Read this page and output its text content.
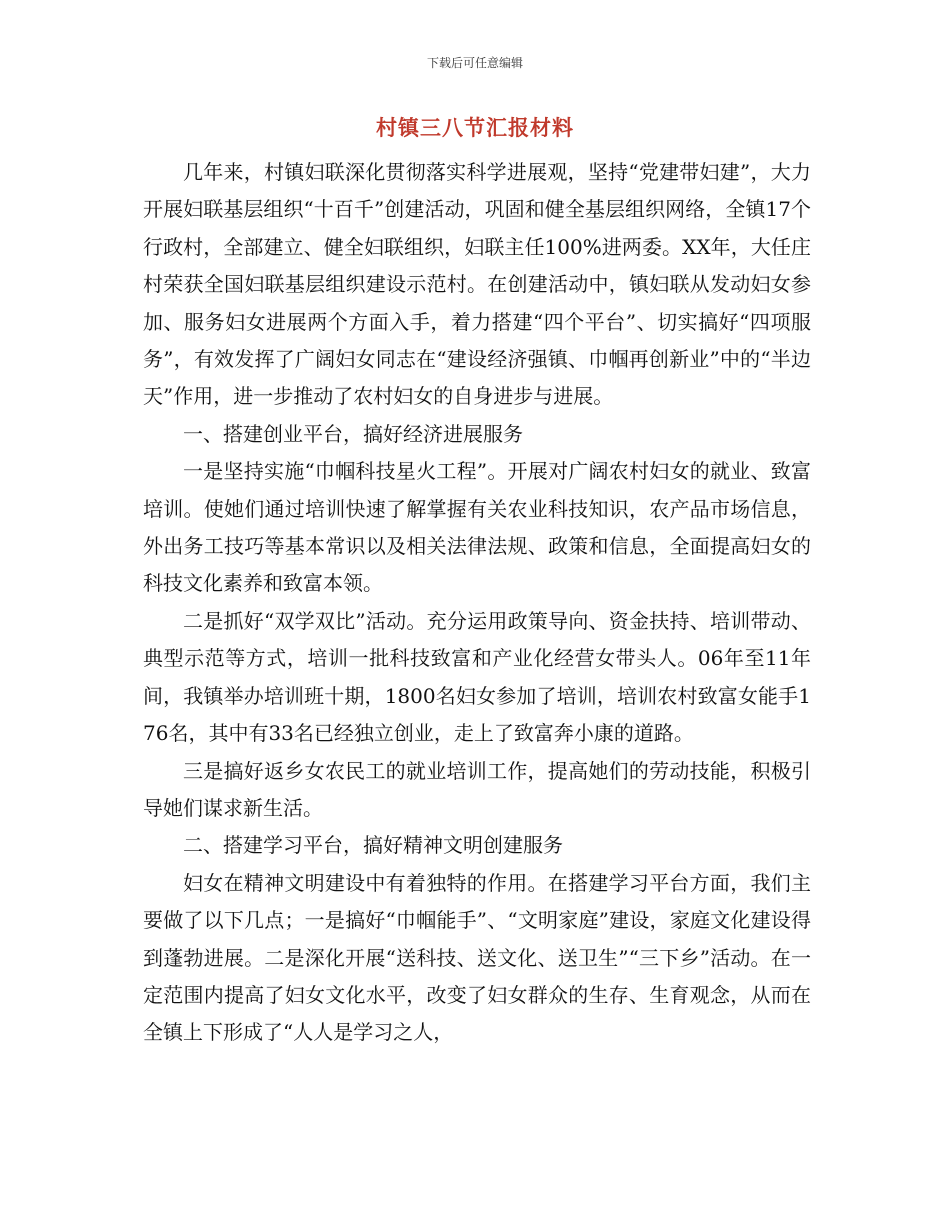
下载后可任意编辑
村镇三八节汇报材料

几年来，村镇妇联深化贯彻落实科学进展观，坚持“党建带妇建”，大力开展妇联基层组织“十百千”创建活动，巩固和健全基层组织网络，全镇17个行政村，全部建立、健全妇联组织，妇联主任100%进两委。XX年，大任庄村荣获全国妇联基层组织建设示范村。在创建活动中，镇妇联从发动妇女参加、服务妇女进展两个方面入手，着力搭建“四个平台”、切实搞好“四项服务”，有效发挥了广阔妇女同志在“建设经济强镇、巾帼再创新业”中的“半边天”作用，进一步推动了农村妇女的自身进步与进展。

一、搭建创业平台，搞好经济进展服务

一是坚持实施“巾帼科技星火工程”。开展对广阔农村妇女的就业、致富培训。使她们通过培训快速了解掌握有关农业科技知识，农产品市场信息，外出务工技巧等基本常识以及相关法律法规、政策和信息，全面提高妇女的科技文化素养和致富本领。

二是抓好“双学双比”活动。充分运用政策导向、资金扶持、培训带动、典型示范等方式，培训一批科技致富和产业化经营女带头人。06年至11年间，我镇举办培训班十期，1800名妇女参加了培训，培训农村致富女能手176名，其中有33名已经独立创业，走上了致富奔小康的道路。

三是搞好返乡女农民工的就业培训工作，提高她们的劳动技能，积极引导她们谋求新生活。

二、搭建学习平台，搞好精神文明创建服务

妇女在精神文明建设中有着独特的作用。在搭建学习平台方面，我们主要做了以下几点；一是搞好“巾帼能手”、“文明家庭”建设，家庭文化建设得到蓬勃进展。二是深化开展“送科技、送文化、送卫生”“三下乡”活动。在一定范围内提高了妇女文化水平，改变了妇女群众的生存、生育观念，从而在全镇上下形成了“人人是学习之人，
